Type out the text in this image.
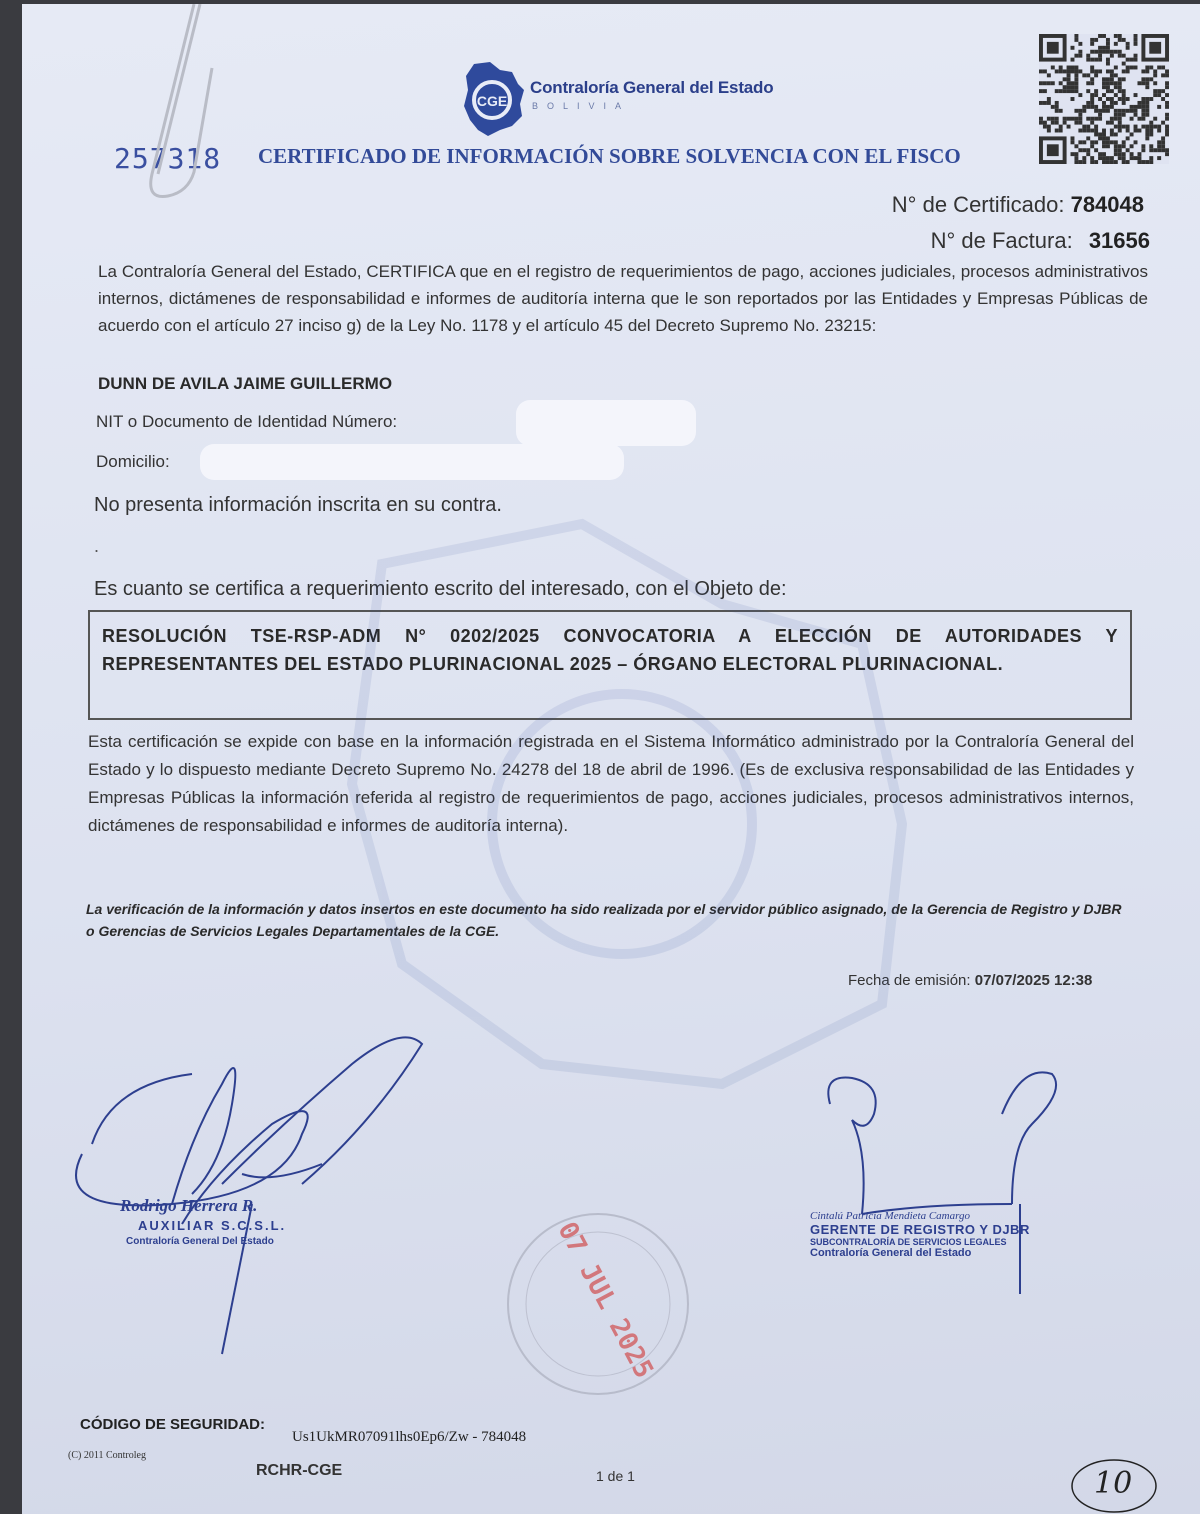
CGE
Contraloría General del Estado
BOLIVIA
257318 CERTIFICADO DE INFORMACIÓN SOBRE SOLVENCIA CON EL FISCO
N° de Certificado: 784048
N° de Factura: 31656
La Contraloría General del Estado, CERTIFICA que en el registro de requerimientos de pago, acciones judiciales, procesos administrativos internos, dictámenes de responsabilidad e informes de auditoría interna que le son reportados por las Entidades y Empresas Públicas de acuerdo con el artículo 27 inciso g) de la Ley No. 1178 y el artículo 45 del Decreto Supremo No. 23215:
DUNN DE AVILA JAIME GUILLERMO
NIT o Documento de Identidad Número:
Domicilio:
No presenta información inscrita en su contra.
.
Es cuanto se certifica a requerimiento escrito del interesado, con el Objeto de:
RESOLUCIÓN TSE-RSP-ADM N° 0202/2025 CONVOCATORIA A ELECCIÓN DE AUTORIDADES Y REPRESENTANTES DEL ESTADO PLURINACIONAL 2025 – ÓRGANO ELECTORAL PLURINACIONAL.
Esta certificación se expide con base en la información registrada en el Sistema Informático administrado por la Contraloría General del Estado y lo dispuesto mediante Decreto Supremo No. 24278 del 18 de abril de 1996. (Es de exclusiva responsabilidad de las Entidades y Empresas Públicas la información referida al registro de requerimientos de pago, acciones judiciales, procesos administrativos internos, dictámenes de responsabilidad e informes de auditoría interna).
La verificación de la información y datos insertos en este documento ha sido realizada por el servidor público asignado, de la Gerencia de Registro y DJBR o Gerencias de Servicios Legales Departamentales de la CGE.
Fecha de emisión: 07/07/2025 12:38
07 JUL 2025
Rodrigo Herrera R.
AUXILIAR S.C.S.L.
Contraloría General Del Estado
Cintalú Patricia Mendieta Camargo
GERENTE DE REGISTRO Y DJBR
SUBCONTRALORÍA DE SERVICIOS LEGALES
Contraloría General del Estado
CÓDIGO DE SEGURIDAD:
Us1UkMR07091lhs0Ep6/Zw - 784048
(C) 2011 Controleg
RCHR-CGE	1 de 1	10
